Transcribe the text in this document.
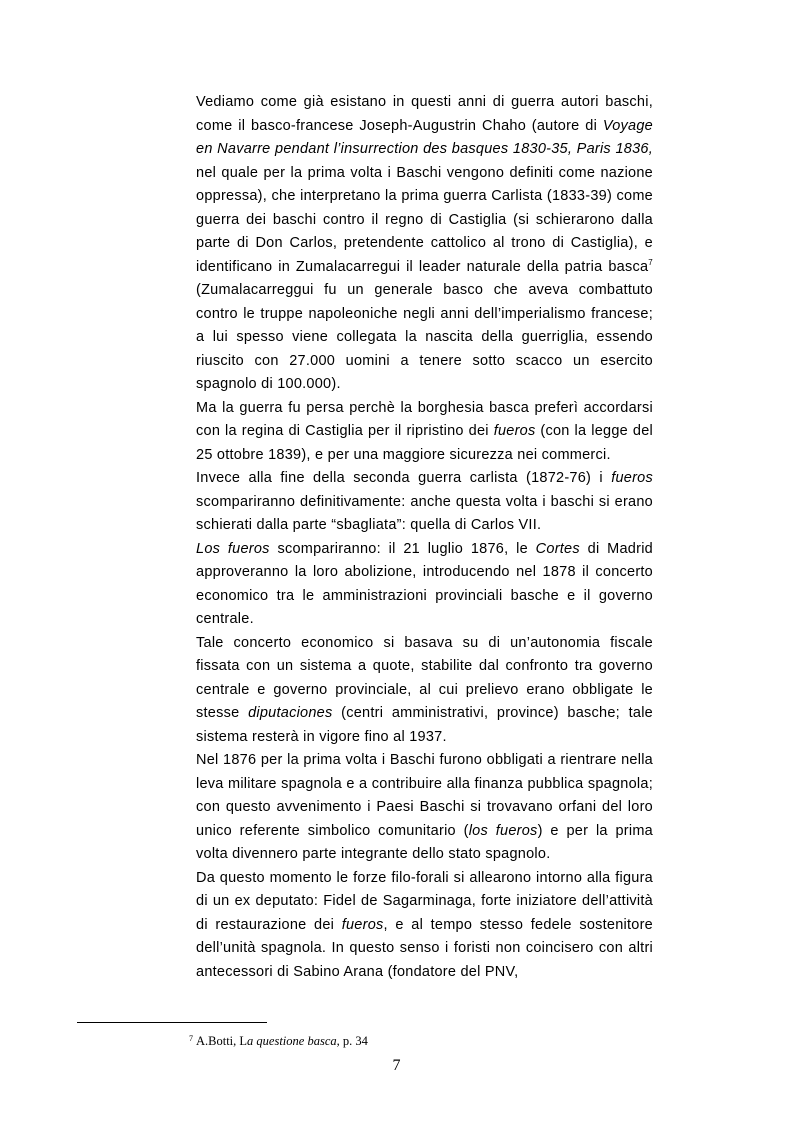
Vediamo come già esistano in questi anni di guerra autori baschi, come il basco-francese Joseph-Augustrin Chaho (autore di Voyage en Navarre pendant l’insurrection des basques 1830-35, Paris 1836, nel quale per la prima volta i Baschi vengono definiti come nazione oppressa), che interpretano la prima guerra Carlista (1833-39) come guerra dei baschi contro il regno di Castiglia (si schierarono dalla parte di Don Carlos, pretendente cattolico al trono di Castiglia), e identificano in Zumalacarregui il leader naturale della patria basca$^7$ (Zumalacarreggui fu un generale basco che aveva combattuto contro le truppe napoleoniche negli anni dell’imperialismo francese; a lui spesso viene collegata la nascita della guerriglia, essendo riuscito con 27.000 uomini a tenere sotto scacco un esercito spagnolo di 100.000).

Ma la guerra fu persa perchè la borghesia basca preferì accordarsi con la regina di Castiglia per il ripristino dei fueros (con la legge del 25 ottobre 1839), e per una maggiore sicurezza nei commerci.

Invece alla fine della seconda guerra carlista (1872-76) i fueros scompariranno definitivamente: anche questa volta i baschi si erano schierati dalla parte “sbagliata”: quella di Carlos VII.

Los fueros scompariranno: il 21 luglio 1876, le Cortes di Madrid approveranno la loro abolizione, introducendo nel 1878 il concerto economico tra le amministrazioni provinciali basche e il governo centrale.

Tale concerto economico si basava su di un’autonomia fiscale fissata con un sistema a quote, stabilite dal confronto tra governo centrale e governo provinciale, al cui prelievo erano obbligate le stesse diputaciones (centri amministrativi, province) basche; tale sistema resterà in vigore fino al 1937.

Nel 1876 per la prima volta i Baschi furono obbligati a rientrare nella leva militare spagnola e a contribuire alla finanza pubblica spagnola; con questo avvenimento i Paesi Baschi si trovavano orfani del loro unico referente simbolico comunitario (los fueros) e per la prima volta divennero parte integrante dello stato spagnolo.

Da questo momento le forze filo-forali si allearono intorno alla figura di un ex deputato: Fidel de Sagarminaga, forte iniziatore dell’attività di restaurazione dei fueros, e al tempo stesso fedele sostenitore dell’unità spagnola. In questo senso i foristi non coincisero con altri antecessori di Sabino Arana (fondatore del PNV,

$^7$ A.Botti, La questione basca, p. 34
7
